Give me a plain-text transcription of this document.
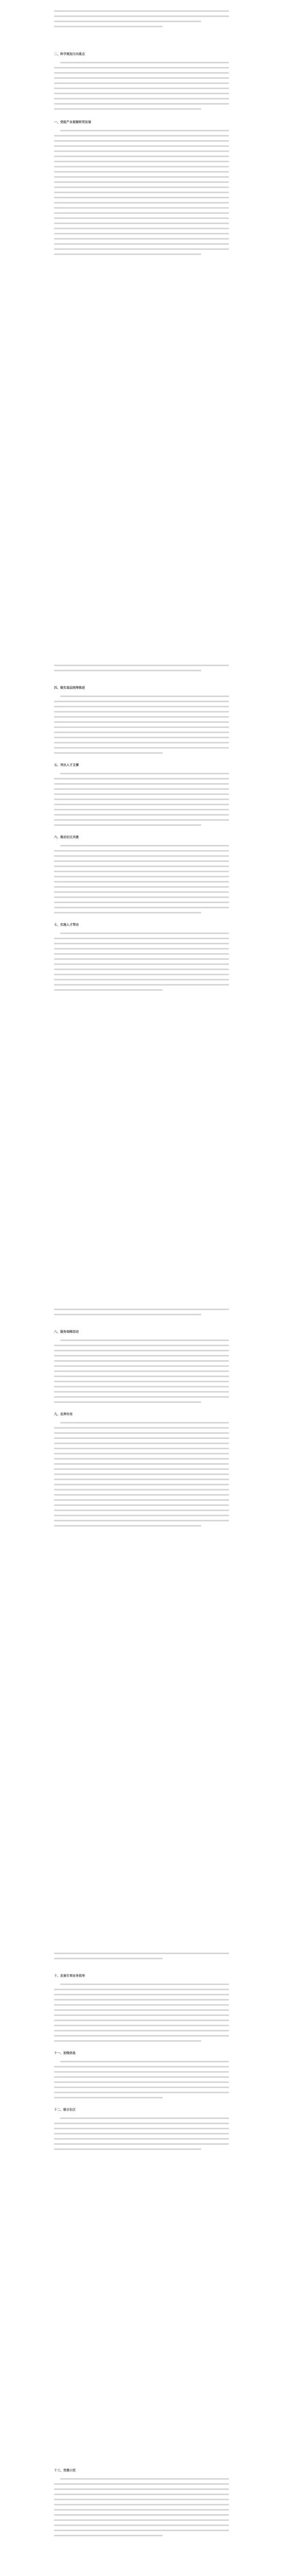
二、科学规划方向重点
一、党组产业提振转型发展
四、做实基层统筹推进
五、突出人才支撑
六、推动社区共建
七、实施人才带动
八、服务保障活动
九、发挥作用
十、发展专项业务指导
十一、加强信息
十二、联合社区
十三、党建示范
